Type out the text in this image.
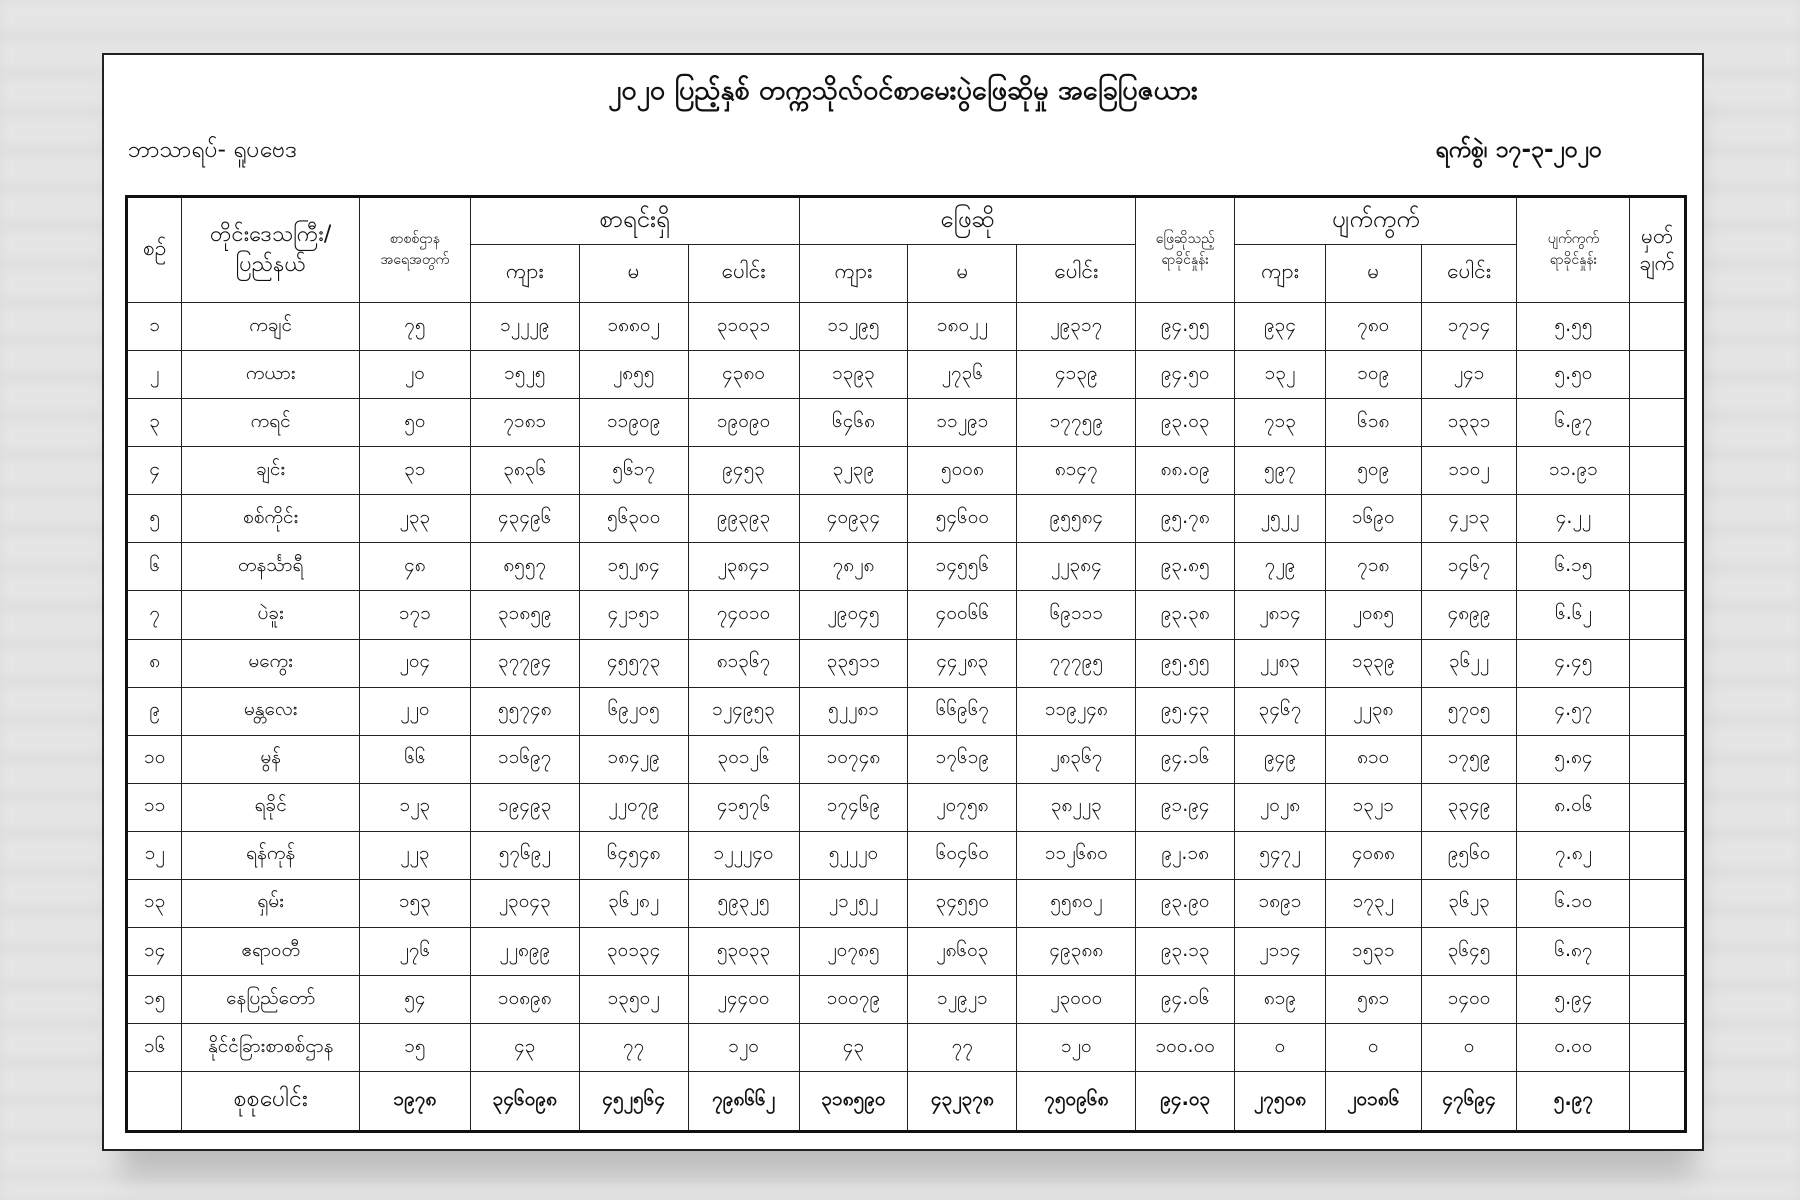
၂၀၂၀ ပြည့်နှစ် တက္ကသိုလ်ဝင်စာမေးပွဲဖြေဆိုမှု အခြေပြဇယား
ဘာသာရပ်- ရူပဗေဒ	ရက်စွဲ၊ ၁၇-၃-၂၀၂၀
စဉ်	တိုင်းဒေသကြီး/ ပြည်နယ်	စာစစ်ဌာန အရေအတွက်	စာရင်းရှိ			ဖြေဆို			ဖြေဆိုသည့် ရာခိုင်နှုန်း	ပျက်ကွက်			ပျက်ကွက် ရာခိုင်နှုန်း	မှတ် ချက်
			ကျား	မ	ပေါင်း	ကျား	မ	ပေါင်း		ကျား	မ	ပေါင်း		
၁	ကချင်	၇၅	၁၂၂၂၉	၁၈၈၀၂	၃၁၀၃၁	၁၁၂၉၅	၁၈၀၂၂	၂၉၃၁၇	၉၄.၅၅	၉၃၄	၇၈၀	၁၇၁၄	၅.၅၅	
၂	ကယား	၂၀	၁၅၂၅	၂၈၅၅	၄၃၈၀	၁၃၉၃	၂၇၃၆	၄၁၃၉	၉၄.၅၀	၁၃၂	၁၀၉	၂၄၁	၅.၅၀	
၃	ကရင်	၅၀	၇၁၈၁	၁၁၉၀၉	၁၉၀၉၀	၆၄၆၈	၁၁၂၉၁	၁၇၇၅၉	၉၃.၀၃	၇၁၃	၆၁၈	၁၃၃၁	၆.၉၇	
၄	ချင်း	၃၁	၃၈၃၆	၅၆၁၇	၉၄၅၃	၃၂၃၉	၅၀၀၈	၈၁၄၇	၈၈.၀၉	၅၉၇	၅၀၉	၁၁၀၂	၁၁.၉၁	
၅	စစ်ကိုင်း	၂၃၃	၄၃၄၉၆	၅၆၃၀၀	၉၉၃၉၃	၄၀၉၃၄	၅၄၆၀၀	၉၅၅၈၄	၉၅.၇၈	၂၅၂၂	၁၆၉၀	၄၂၁၃	၄.၂၂	
၆	တနင်္သာရီ	၄၈	၈၅၅၇	၁၅၂၈၄	၂၃၈၄၁	၇၈၂၈	၁၄၅၅၆	၂၂၃၈၄	၉၃.၈၅	၇၂၉	၇၁၈	၁၄၆၇	၆.၁၅	
၇	ပဲခူး	၁၇၁	၃၁၈၅၉	၄၂၁၅၁	၇၄၀၁၀	၂၉၀၄၅	၄၀၀၆၆	၆၉၁၁၁	၉၃.၃၈	၂၈၁၄	၂၀၈၅	၄၈၉၉	၆.၆၂	
၈	မကွေး	၂၀၄	၃၇၇၉၄	၄၅၅၇၃	၈၁၃၆၇	၃၃၅၁၁	၄၄၂၈၃	၇၇၇၉၅	၉၅.၅၅	၂၂၈၃	၁၃၃၉	၃၆၂၂	၄.၄၅	
၉	မန္တလေး	၂၂၀	၅၅၇၄၈	၆၉၂၀၅	၁၂၄၉၅၃	၅၂၂၈၁	၆၆၉၆၇	၁၁၉၂၄၈	၉၅.၄၃	၃၄၆၇	၂၂၃၈	၅၇၀၅	၄.၅၇	
၁၀	မွန်	၆၆	၁၁၆၉၇	၁၈၄၂၉	၃၀၁၂၆	၁၀၇၄၈	၁၇၆၁၉	၂၈၃၆၇	၉၄.၁၆	၉၄၉	၈၁၀	၁၇၅၉	၅.၈၄	
၁၁	ရခိုင်	၁၂၃	၁၉၄၉၃	၂၂၀၇၉	၄၁၅၇၆	၁၇၄၆၉	၂၀၇၅၈	၃၈၂၂၃	၉၁.၉၄	၂၀၂၈	၁၃၂၁	၃၃၄၉	၈.၀၆	
၁၂	ရန်ကုန်	၂၂၃	၅၇၆၉၂	၆၄၅၄၈	၁၂၂၂၄၀	၅၂၂၂၀	၆၀၄၆၀	၁၁၂၆၈၀	၉၂.၁၈	၅၄၇၂	၄၀၈၈	၉၅၆၀	၇.၈၂	
၁၃	ရှမ်း	၁၅၃	၂၃၀၄၃	၃၆၂၈၂	၅၉၃၂၅	၂၁၂၅၂	၃၄၅၅၀	၅၅၈၀၂	၉၃.၉၀	၁၈၉၁	၁၇၃၂	၃၆၂၃	၆.၁၀	
၁၄	ဧရာဝတီ	၂၇၆	၂၂၈၉၉	၃၀၁၃၄	၅၃၀၃၃	၂၀၇၈၅	၂၈၆၀၃	၄၉၃၈၈	၉၃.၁၃	၂၁၁၄	၁၅၃၁	၃၆၄၅	၆.၈၇	
၁၅	နေပြည်တော်	၅၄	၁၀၈၉၈	၁၃၅၀၂	၂၄၄၀၀	၁၀၀၇၉	၁၂၉၂၁	၂၃၀၀၀	၉၄.၀၆	၈၁၉	၅၈၁	၁၄၀၀	၅.၉၄	
၁၆	နိုင်ငံခြားစာစစ်ဌာန	၁၅	၄၃	၇၇	၁၂၀	၄၃	၇၇	၁၂၀	၁၀၀.၀၀	၀	၀	၀	၀.၀၀	
	စုစုပေါင်း	၁၉၇၈	၃၄၆၀၉၈	၄၅၂၅၆၄	၇၉၈၆၆၂	၃၁၈၅၉၀	၄၃၂၃၇၈	၇၅၀၉၆၈	၉၄.၀၃	၂၇၅၀၈	၂၀၁၈၆	၄၇၆၉၄	၅.၉၇	
